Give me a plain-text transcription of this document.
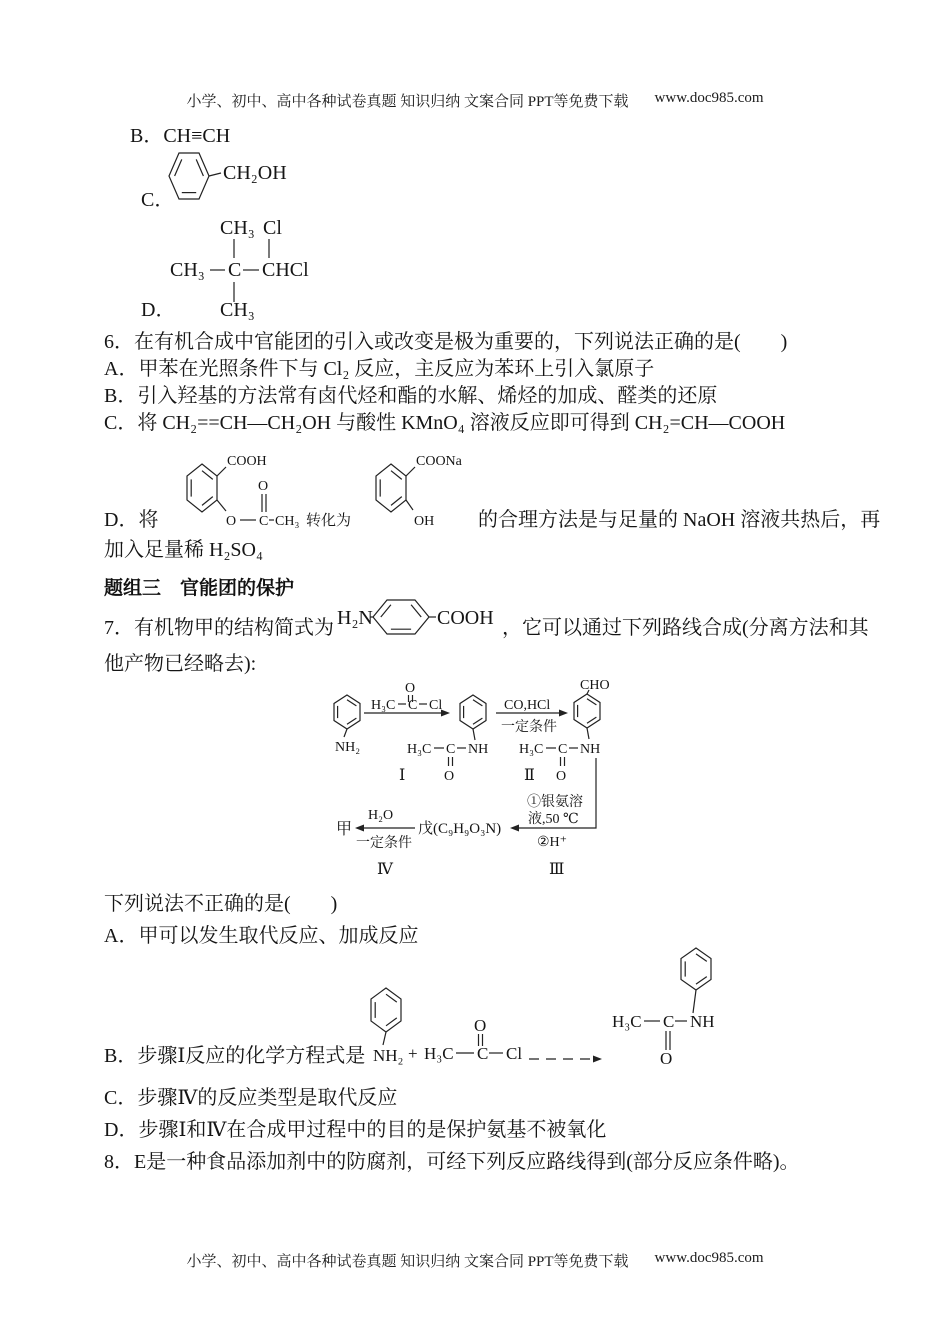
小学、初中、高中各种试卷真题 知识归纳 文案合同 PPT等免费下载 www.doc985.com
B．CH≡CH
C．
CH₂OH
D．
CH₃ Cl
CH₃ C CHCl
CH₃
6．在有机合成中官能团的引入或改变是极为重要的，下列说法正确的是(　　)
A．甲苯在光照条件下与 Cl₂ 反应，主反应为苯环上引入氯原子
B．引入羟基的方法常有卤代烃和酯的水解、烯烃的加成、醛类的还原
C．将 CH₂==CH—CH₂OH 与酸性 KMnO₄ 溶液反应即可得到 CH₂=CH—COOH
D．将
COOH
O C CH₃
O
转化为
COONa
OH 的合理方法是与足量的 NaOH 溶液共热后，再
加入足量稀 H₂SO₄
题组三　官能团的保护
7．有机物甲的结构简式为 H₂N	COOH ，它可以通过下列路线合成(分离方法和其
他产物已经略去):
NH₂
H₃C C Cl
O
Ⅰ
H₃C C NH
O
CO,HCl
一定条件
Ⅱ
CHO
H₃C C NH
O
①银氨溶
液,50 ℃
②H⁺
Ⅲ
戊(C₉H₉O₃N)
H₂O
一定条件
甲
Ⅳ
下列说法不正确的是(　　)
A．甲可以发生取代反应、加成反应
B．步骤Ⅰ反应的化学方程式是 NH₂ + H₃C C Cl
O	H₃C C NH
O
C．步骤Ⅳ的反应类型是取代反应
D．步骤Ⅰ和Ⅳ在合成甲过程中的目的是保护氨基不被氧化
8．E是一种食品添加剂中的防腐剂，可经下列反应路线得到(部分反应条件略)。
小学、初中、高中各种试卷真题 知识归纳 文案合同 PPT等免费下载 www.doc985.com
